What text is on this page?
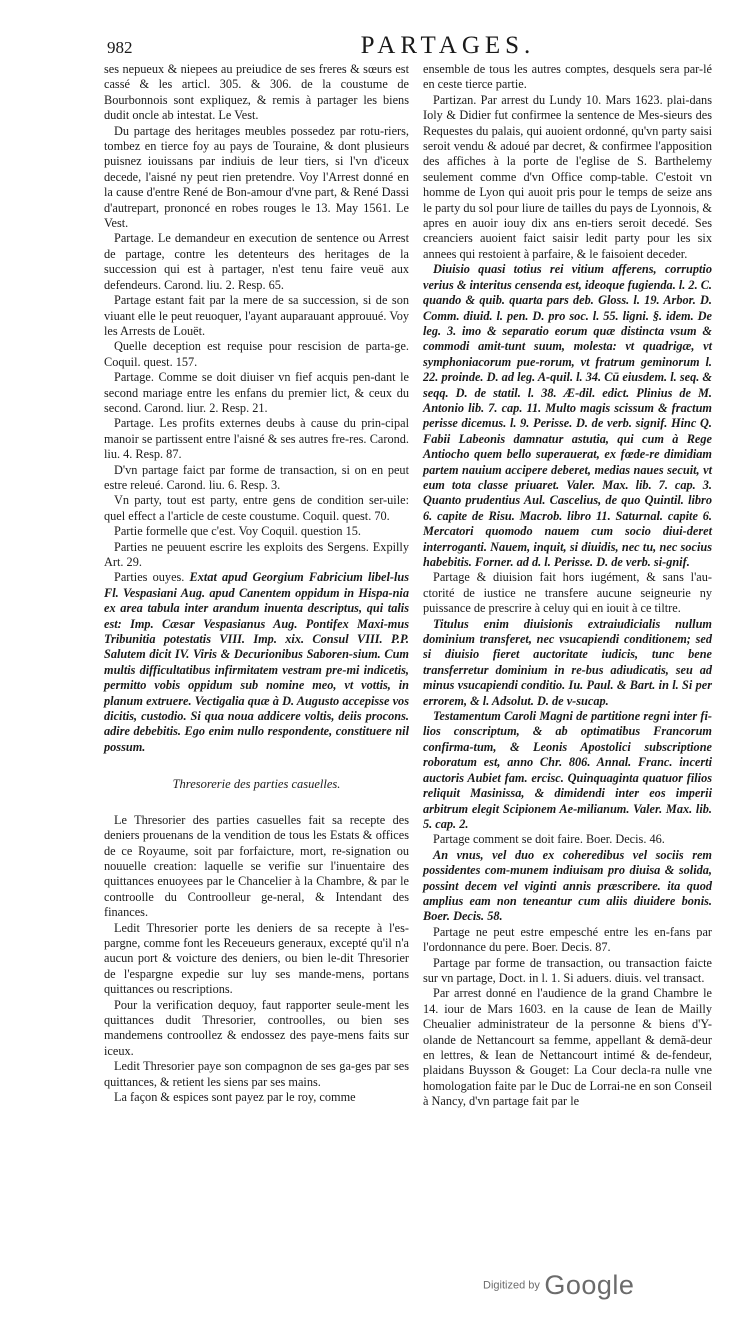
982	PARTAGES.

ses nepueux & niepees au preiudice de ses freres & sœurs est cassé & les articl. 305. & 306. de la coustume de Bourbonnois sont expliquez, & remis à partager les biens dudit oncle ab intestat. Le Vest.

Du partage des heritages meubles possedez par rotu-riers, tombez en tierce foy au pays de Touraine, & dont plusieurs puisnez iouissans par indiuis de leur tiers, si l'vn d'iceux decede, l'aisné ny peut rien pretendre. Voy l'Arrest donné en la cause d'entre René de Bon-amour d'vne part, & René Dassi d'autrepart, prononcé en robes rouges le 13. May 1561. Le Vest.

Partage. Le demandeur en execution de sentence ou Arrest de partage, contre les detenteurs des heritages de la succession qui est à partager, n'est tenu faire veuë aux defendeurs. Carond. liu. 2. Resp. 65.

Partage estant fait par la mere de sa succession, si de son viuant elle le peut reuoquer, l'ayant auparauant approuué. Voy les Arrests de Louët.

Quelle deception est requise pour rescision de parta-ge. Coquil. quest. 157.

Partage. Comme se doit diuiser vn fief acquis pen-dant le second mariage entre les enfans du premier lict, & ceux du second. Carond. liur. 2. Resp. 21.

Partage. Les profits externes deubs à cause du prin-cipal manoir se partissent entre l'aisné & ses autres fre-res. Carond. liu. 4. Resp. 87.

D'vn partage faict par forme de transaction, si on en peut estre releué. Carond. liu. 6. Resp. 3.

Vn party, tout est party, entre gens de condition ser-uile: quel effect a l'article de ceste coustume. Coquil. quest. 70.

Partie formelle que c'est. Voy Coquil. question 15.

Parties ne peuuent escrire les exploits des Sergens. Expilly Art. 29.

Parties ouyes. Extat apud Georgium Fabricium libel-lus Fl. Vespasiani Aug. apud Canentem oppidum in Hispa-nia ex area tabula inter arandum inuenta descriptus, qui talis est: Imp. Cæsar Vespasianus Aug. Pontifex Maxi-mus Tribunitia potestatis VIII. Imp. xix. Consul VIII. P.P. Salutem dicit IV. Viris & Decurionibus Saboren-sium. Cum multis difficultatibus infirmitatem vestram pre-mi indicetis, permitto vobis oppidum sub nomine meo, vt vottis, in planum extruere. Vectigalia quæ à D. Augusto accepisse vos dicitis, custodio. Si qua noua addicere voltis, deiis procons. adire debebitis. Ego enim nullo respondente, constituere nil possum.

Thresorerie des parties casuelles.

Le Thresorier des parties casuelles fait sa recepte des deniers prouenans de la vendition de tous les Estats & offices de ce Royaume, soit par forfaicture, mort, re-signation ou nouuelle creation: laquelle se verifie sur l'inuentaire des quittances enuoyees par le Chancelier à la Chambre, & par le controolle du Controolleur ge-neral, & Intendant des finances.

Ledit Thresorier porte les deniers de sa recepte à l'es-pargne, comme font les Receueurs generaux, excepté qu'il n'a aucun port & voicture des deniers, ou bien le-dit Thresorier de l'espargne expedie sur luy ses mande-mens, portans quittances ou rescriptions.

Pour la verification dequoy, faut rapporter seule-ment les quittances dudit Thresorier, controolles, ou bien ses mandemens controollez & endossez des paye-mens faits sur iceux.

Ledit Thresorier paye son compagnon de ses ga-ges par ses quittances, & retient les siens par ses mains.

La façon & espices sont payez par le roy, comme

ensemble de tous les autres comptes, desquels sera par-lé en ceste tierce partie.

Partizan. Par arrest du Lundy 10. Mars 1623. plai-dans Ioly & Didier fut confirmee la sentence de Mes-sieurs des Requestes du palais, qui auoient ordonné, qu'vn party saisi seroit vendu & adoué par decret, & confirmee l'apposition des affiches à la porte de l'eglise de S. Barthelemy seulement comme d'vn Office comp-table. C'estoit vn homme de Lyon qui auoit pris pour le temps de seize ans le party du sol pour liure de tailles du pays de Lyonnois, & apres en auoir iouy dix ans en-tiers seroit decedé. Ses creanciers auoient faict saisir ledit party pour les six annees qui restoient à parfaire, & le faisoient deceder.

Diuisio quasi totius rei vitium afferens, corruptio verius & interitus censenda est, ideoque fugienda. l. 2. C. quando & quib. quarta pars deb. Gloss. l. 19. Arbor. D. Comm. diuid. l. pen. D. pro soc. l. 55. ligni. §. idem. De leg. 3. imo & separatio eorum quæ distincta vsum & commodi amit-tunt suum, molesta: vt quadrigæ, vt symphoniacorum pue-rorum, vt fratrum geminorum l. 22. proinde. D. ad leg. A-quil. l. 34. Cū eiusdem. l. seq. & seqq. D. de statil. l. 38. Æ-dil. edict. Plinius de M. Antonio lib. 7. cap. 11. Multo magis scissum & fractum perisse dicemus. l. 9. Perisse. D. de verb. signif. Hinc Q. Fabii Labeonis damnatur astutia, qui cum à Rege Antiocho quem bello superauerat, ex fœde-re dimidiam partem nauium accipere deberet, medias naues secuit, vt eum tota classe priuaret. Valer. Max. lib. 7. cap. 3. Quanto prudentius Aul. Cascelius, de quo Quintil. libro 6. capite de Risu. Macrob. libro 11. Saturnal. capite 6. Mercatori quomodo nauem cum socio diui-deret interroganti. Nauem, inquit, si diuidis, nec tu, nec socius habebitis. Forner. ad d. l. Perisse. D. de verb. si-gnif.

Partage & diuision fait hors iugément, & sans l'au-ctorité de iustice ne transfere aucune seigneurie ny puissance de prescrire à celuy qui en iouit à ce tiltre.

Titulus enim diuisionis extraiudicialis nullum dominium transferet, nec vsucapiendi conditionem; sed si diuisio fieret auctoritate iudicis, tunc bene transferretur dominium in re-bus adiudicatis, seu ad minus vsucapiendi conditio. Iu. Paul. & Bart. in l. Si per errorem, & l. Adsolut. D. de v-sucap.

Testamentum Caroli Magni de partitione regni inter fi-lios conscriptum, & ab optimatibus Francorum confirma-tum, & Leonis Apostolici subscriptione roboratum est, anno Chr. 806. Annal. Franc. incerti auctoris Aubiet fam. ercisc. Quinquaginta quatuor filios reliquit Masinissa, & dimidendi inter eos imperii arbitrum elegit Scipionem Ae-milianum. Valer. Max. lib. 5. cap. 2.

Partage comment se doit faire. Boer. Decis. 46.

An vnus, vel duo ex coheredibus vel sociis rem possidentes com-munem indiuisam pro diuisa & solida, possint decem vel viginti annis præscribere. ita quod amplius eam non teneantur cum aliis diuidere bonis. Boer. Decis. 58.

Partage ne peut estre empesché entre les en-fans par l'ordonnance du pere. Boer. Decis. 87.

Partage par forme de transaction, ou transaction faicte sur vn partage, Doct. in l. 1. Si aduers. diuis. vel transact.

Par arrest donné en l'audience de la grand Chambre le 14. iour de Mars 1603. en la cause de Iean de Mailly Cheualier administrateur de la personne & biens d'Y-olande de Nettancourt sa femme, appellant & demã-deur en lettres, & Iean de Nettancourt intimé & de-fendeur, plaidans Buysson & Gouget: La Cour decla-ra nulle vne homologation faite par le Duc de Lorrai-ne en son Conseil à Nancy, d'vn partage fait par le

Digitized by Google
